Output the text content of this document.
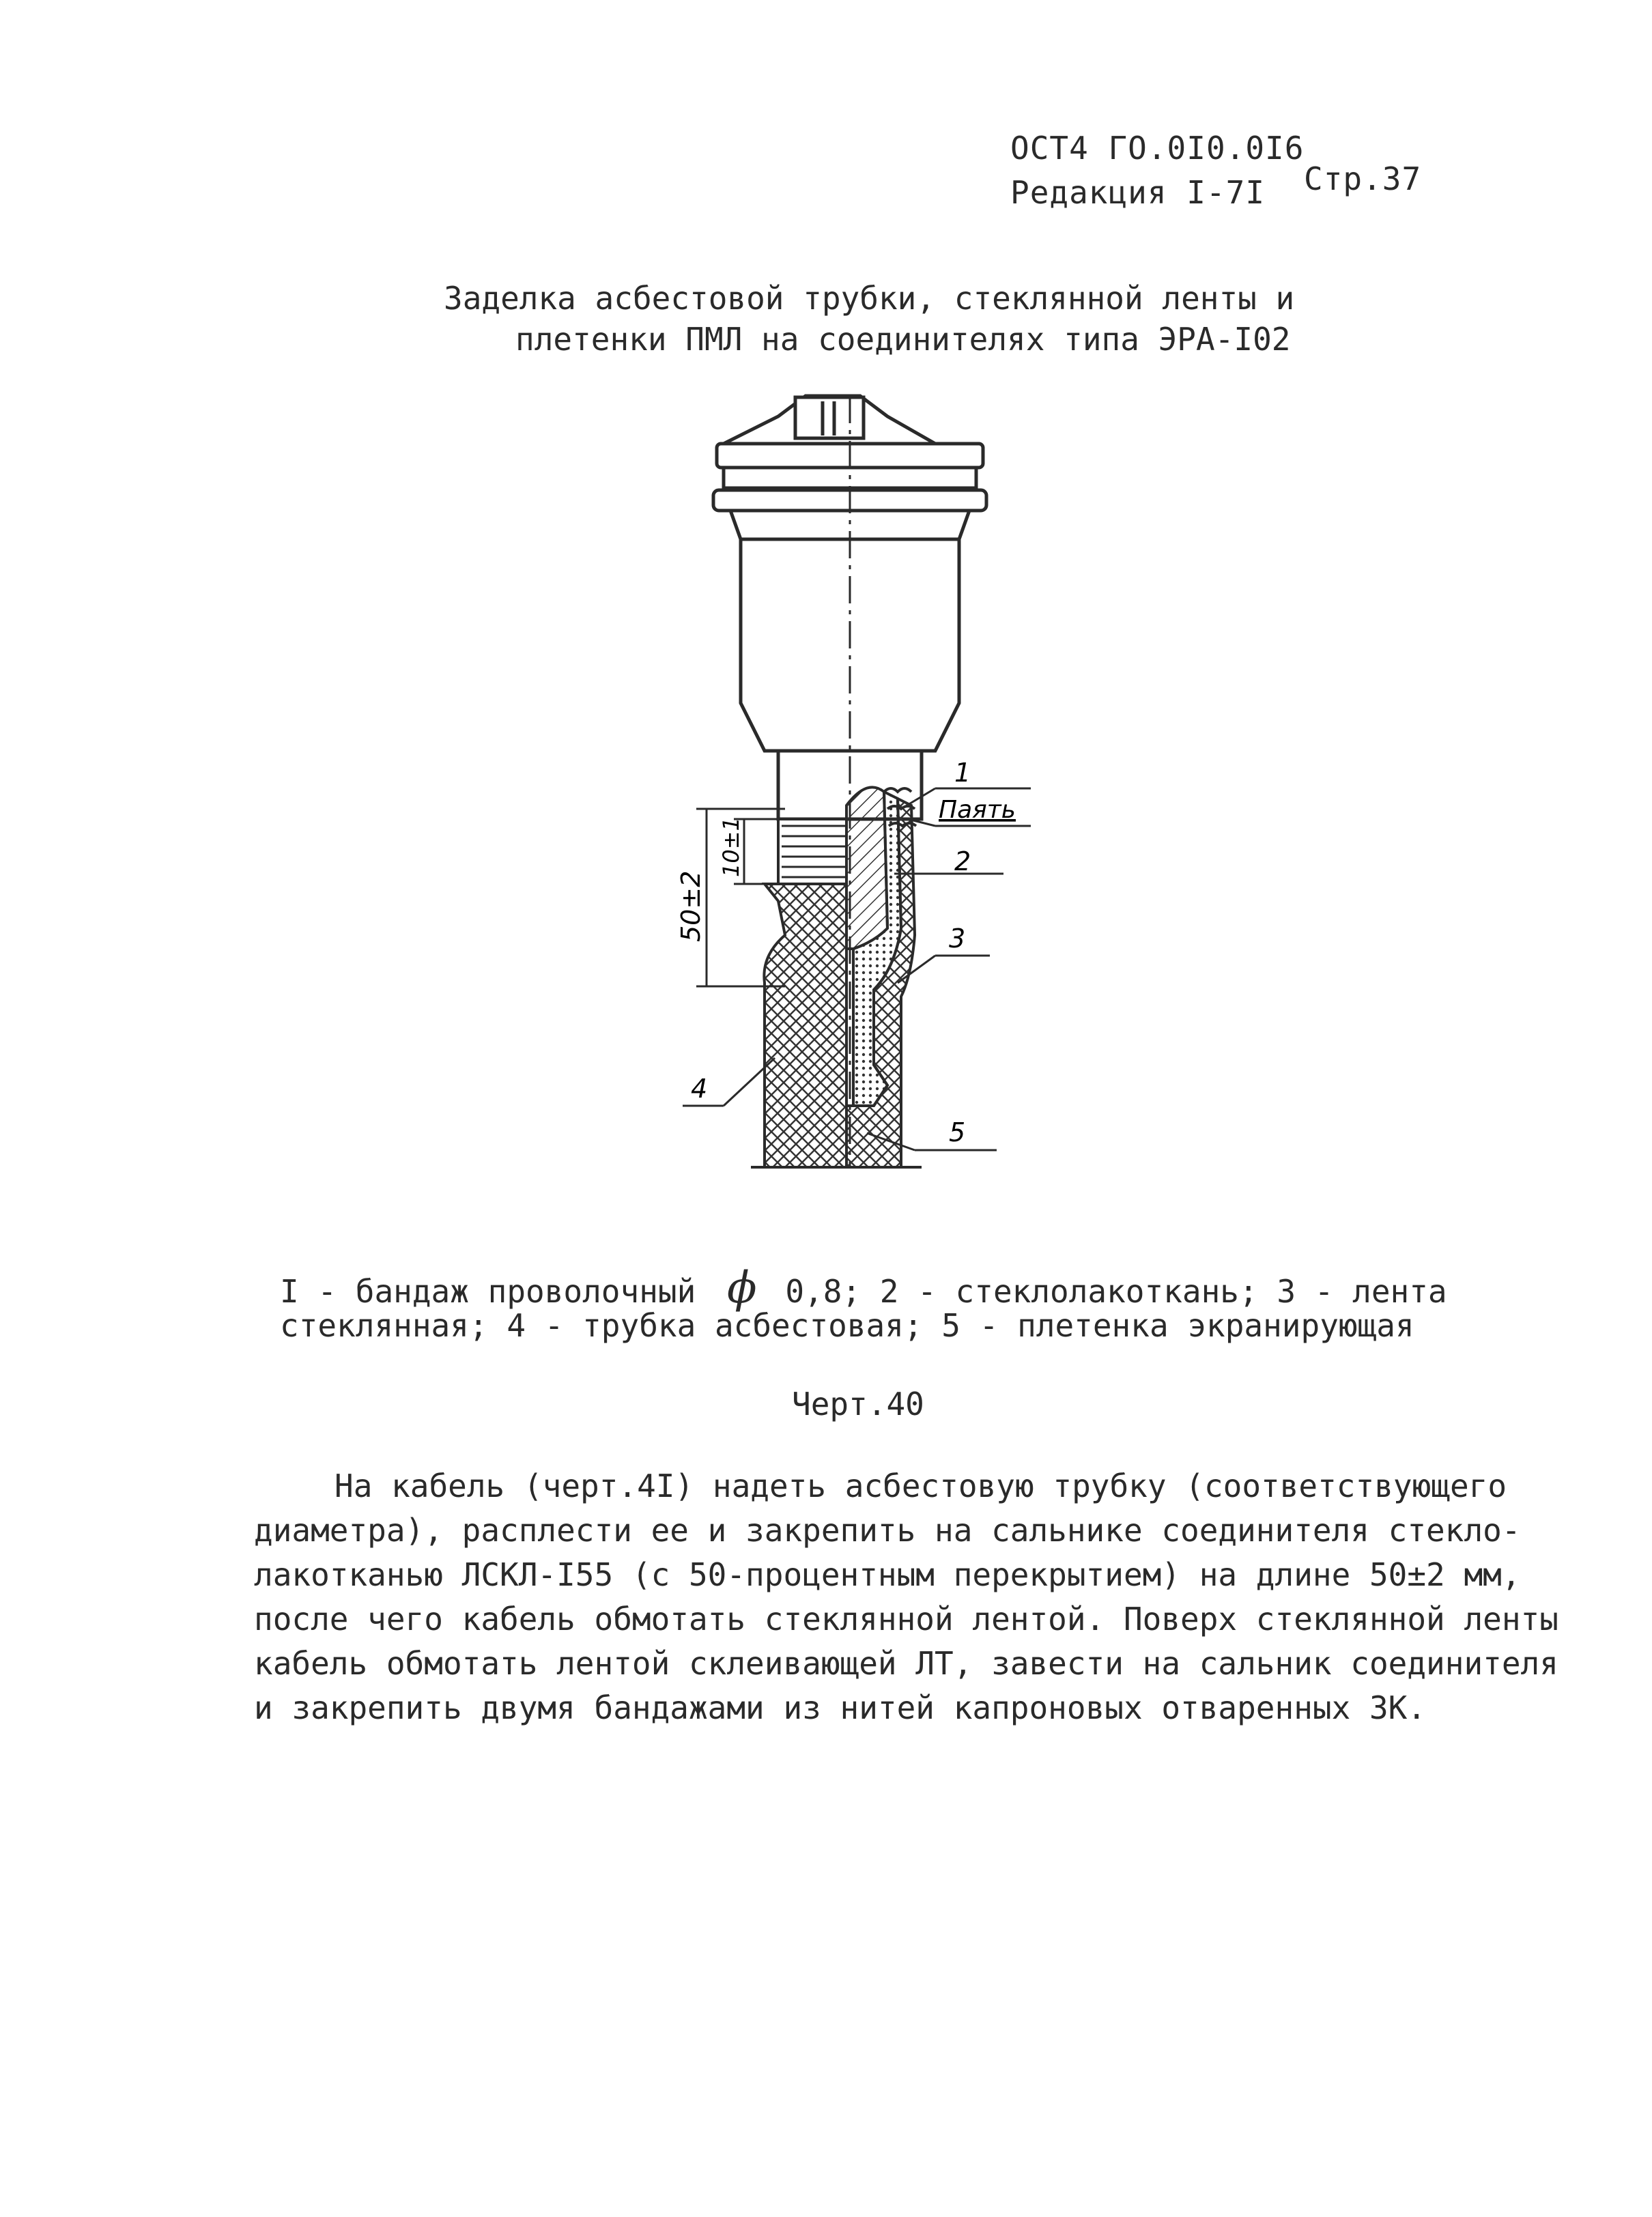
ОСТ4 ГО.0I0.0I6
Редакция I-7I Стр.37
Заделка асбестовой трубки, стеклянной ленты и
плетенки ПМЛ на соединителях типа ЭРА-I02
50±2
10±1
1
Паять
2
3
4
5
I - бандаж проволочный ϕ 0,8; 2 - стеклолакоткань; 3 - лента
стеклянная; 4 - трубка асбестовая; 5 - плетенка экранирующая
Черт.40
На кабель (черт.4I) надеть асбестовую трубку (соответствующего
диаметра), расплести ее и закрепить на сальнике соединителя стекло-
лакотканью ЛСКЛ-I55 (с 50-процентным перекрытием) на длине 50±2 мм,
после чего кабель обмотать стеклянной лентой. Поверх стеклянной ленты
кабель обмотать лентой склеивающей ЛТ, завести на сальник соединителя
и закрепить двумя бандажами из нитей капроновых отваренных ЗК.
